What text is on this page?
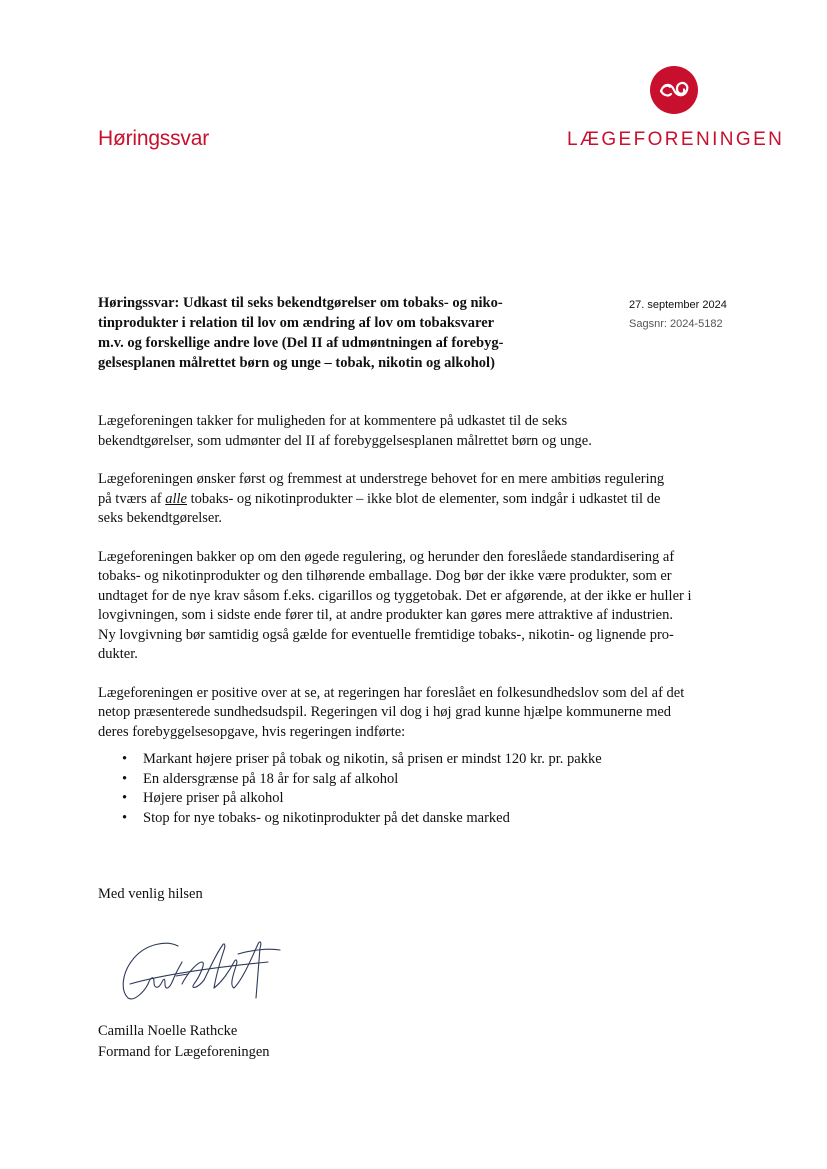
Høringssvar	LÆGEFORENINGEN
Høringssvar: Udkast til seks bekendtgørelser om tobaks- og niko-
tinprodukter i relation til lov om ændring af lov om tobaksvarer
m.v. og forskellige andre love (Del II af udmøntningen af forebyg-
gelsesplanen målrettet børn og unge – tobak, nikotin og alkohol)
27. september 2024
Sagsnr: 2024-5182

Lægeforeningen takker for muligheden for at kommentere på udkastet til de seks
bekendtgørelser, som udmønter del II af forebyggelsesplanen målrettet børn og unge.

Lægeforeningen ønsker først og fremmest at understrege behovet for en mere ambitiøs regulering
på tværs af alle tobaks- og nikotinprodukter – ikke blot de elementer, som indgår i udkastet til de
seks bekendtgørelser.

Lægeforeningen bakker op om den øgede regulering, og herunder den foreslåede standardisering af
tobaks- og nikotinprodukter og den tilhørende emballage. Dog bør der ikke være produkter, som er
undtaget for de nye krav såsom f.eks. cigarillos og tyggetobak. Det er afgørende, at der ikke er huller i
lovgivningen, som i sidste ende fører til, at andre produkter kan gøres mere attraktive af industrien.
Ny lovgivning bør samtidig også gælde for eventuelle fremtidige tobaks-, nikotin- og lignende pro-
dukter.

Lægeforeningen er positive over at se, at regeringen har foreslået en folkesundhedslov som del af det
netop præsenterede sundhedsudspil. Regeringen vil dog i høj grad kunne hjælpe kommunerne med
deres forebyggelsesopgave, hvis regeringen indførte:

Markant højere priser på tobak og nikotin, så prisen er mindst 120 kr. pr. pakke
•
En aldersgrænse på 18 år for salg af alkohol
•
Højere priser på alkohol
•
Stop for nye tobaks- og nikotinprodukter på det danske marked
•
Med venlig hilsen
Camilla Noelle Rathcke
Formand for Lægeforeningen
